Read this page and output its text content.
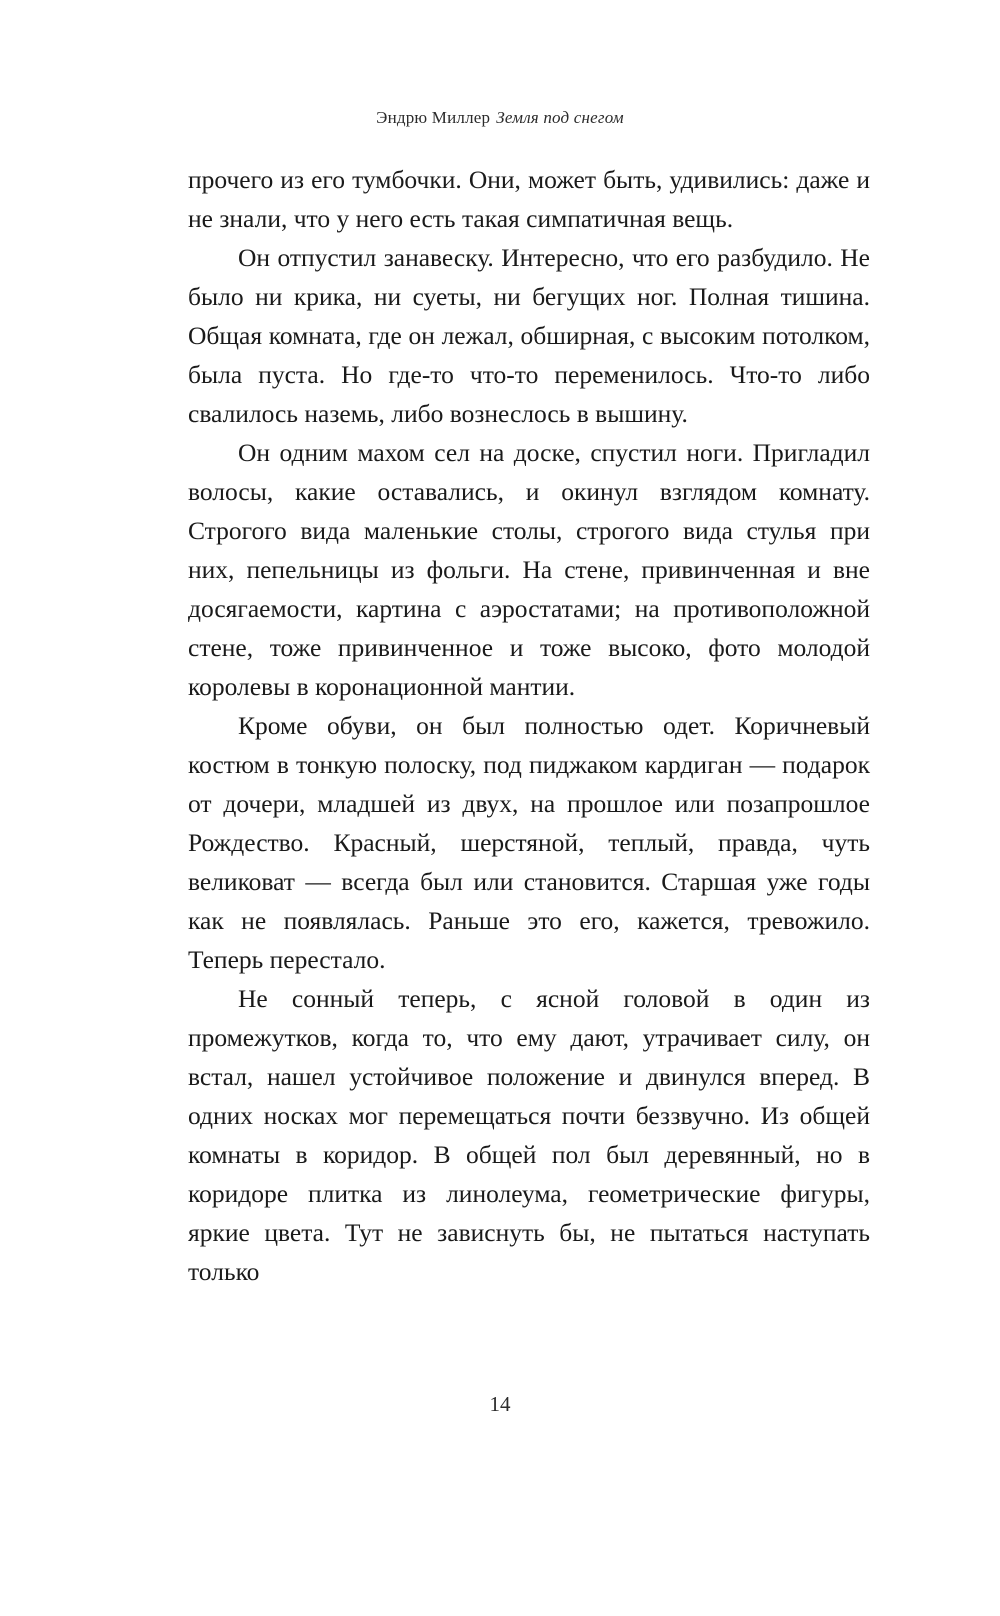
Эндрю Миллер Земля под снегом

прочего из его тумбочки. Они, может быть, удивились: даже и не знали, что у него есть такая симпатичная вещь.

Он отпустил занавеску. Интересно, что его разбудило. Не было ни крика, ни суеты, ни бегущих ног. Полная тишина. Общая комната, где он лежал, обширная, с высоким потолком, была пуста. Но где-то что-то переменилось. Что-то либо свалилось наземь, либо вознеслось в вышину.

Он одним махом сел на доске, спустил ноги. Пригладил волосы, какие оставались, и окинул взглядом комнату. Строгого вида маленькие столы, строгого вида стулья при них, пепельницы из фольги. На стене, привинченная и вне досягаемости, картина с аэростатами; на противоположной стене, тоже привинченное и тоже высоко, фото молодой королевы в коронационной мантии.

Кроме обуви, он был полностью одет. Коричневый костюм в тонкую полоску, под пиджаком кардиган — подарок от дочери, младшей из двух, на прошлое или позапрошлое Рождество. Красный, шерстяной, теплый, правда, чуть великоват — всегда был или становится. Старшая уже годы как не появлялась. Раньше это его, кажется, тревожило. Теперь перестало.

Не сонный теперь, с ясной головой в один из промежутков, когда то, что ему дают, утрачивает силу, он встал, нашел устойчивое положение и двинулся вперед. В одних носках мог перемещаться почти беззвучно. Из общей комнаты в коридор. В общей пол был деревянный, но в коридоре плитка из линолеума, геометрические фигуры, яркие цвета. Тут не зависнуть бы, не пытаться наступать только

14
